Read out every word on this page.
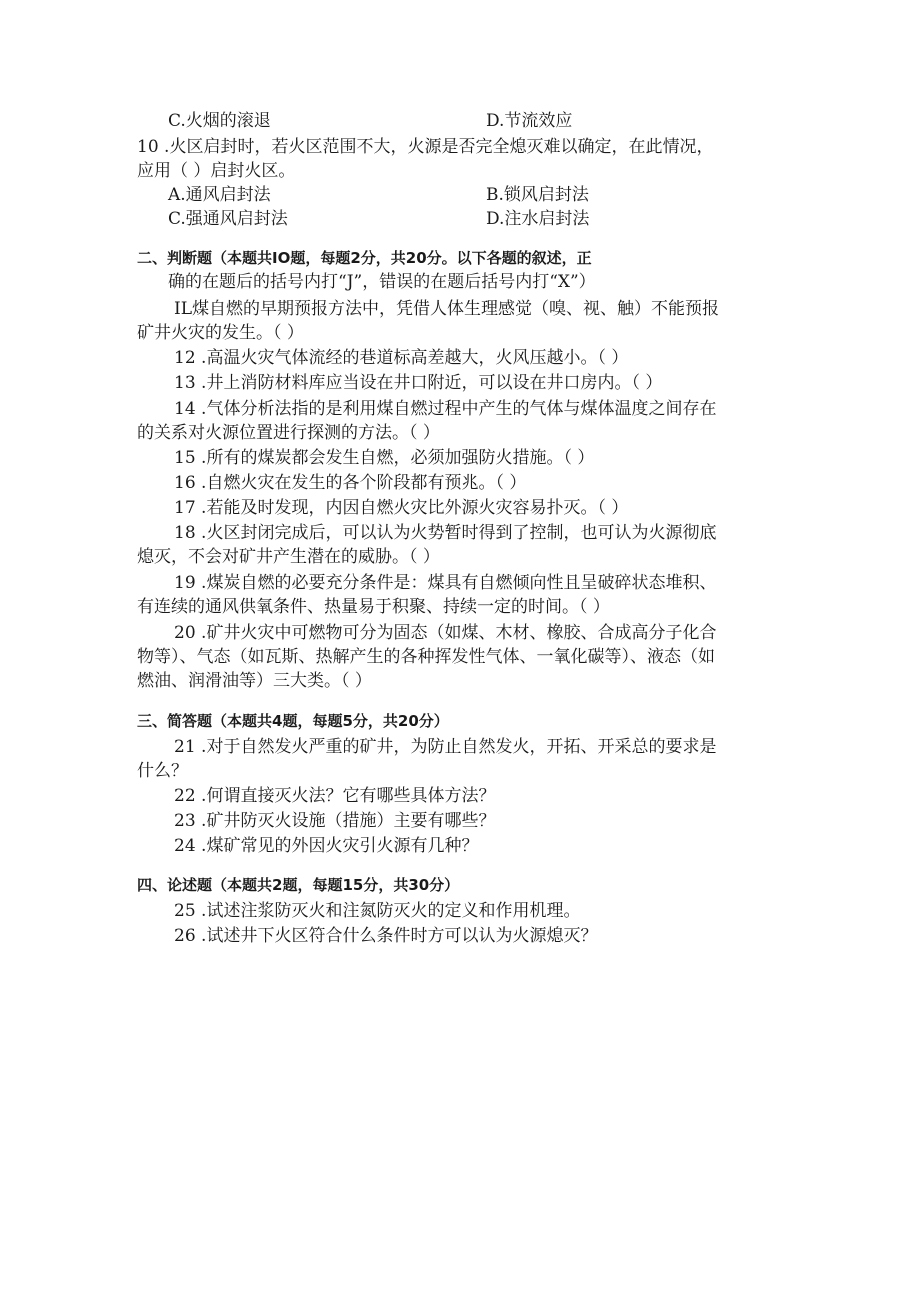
C.火烟的滚退	D.节流效应
10 .火区启封时，若火区范围不大，火源是否完全熄灭难以确定，在此情况，
应用（ ）启封火区。
A.通风启封法	B.锁风启封法
C.强通风启封法	D.注水启封法
二、判断题（本题共IO题，每题2分，共20分。以下各题的叙述，正
确的在题后的括号内打“J”，错误的在题后括号内打“X”）
IL煤自燃的早期预报方法中，凭借人体生理感觉（嗅、视、触）不能预报
矿井火灾的发生。（ ）
12 .高温火灾气体流经的巷道标高差越大，火风压越小。（ ）
13 .井上消防材料库应当设在井口附近，可以设在井口房内。（ ）
14 .气体分析法指的是利用煤自燃过程中产生的气体与煤体温度之间存在
的关系对火源位置进行探测的方法。（ ）
15 .所有的煤炭都会发生自燃，必须加强防火措施。（ ）
16 .自燃火灾在发生的各个阶段都有预兆。（ ）
17 .若能及时发现，内因自燃火灾比外源火灾容易扑灭。（ ）
18 .火区封闭完成后，可以认为火势暂时得到了控制，也可认为火源彻底
熄灭，不会对矿井产生潜在的威胁。（ ）
19 .煤炭自燃的必要充分条件是：煤具有自燃倾向性且呈破碎状态堆积、
有连续的通风供氧条件、热量易于积聚、持续一定的时间。（ ）
20 .矿井火灾中可燃物可分为固态（如煤、木材、橡胶、合成高分子化合
物等）、气态（如瓦斯、热解产生的各种挥发性气体、一氧化碳等）、液态（如
燃油、润滑油等）三大类。（ ）
三、简答题（本题共4题，每题5分，共20分）
21 .对于自然发火严重的矿井，为防止自然发火，开拓、开采总的要求是
什么？
22 .何谓直接灭火法？它有哪些具体方法？
23 .矿井防灭火设施（措施）主要有哪些？
24 .煤矿常见的外因火灾引火源有几种？
四、论述题（本题共2题，每题15分，共30分）
25 .试述注浆防灭火和注氮防灭火的定义和作用机理。
26 .试述井下火区符合什么条件时方可以认为火源熄灭？
